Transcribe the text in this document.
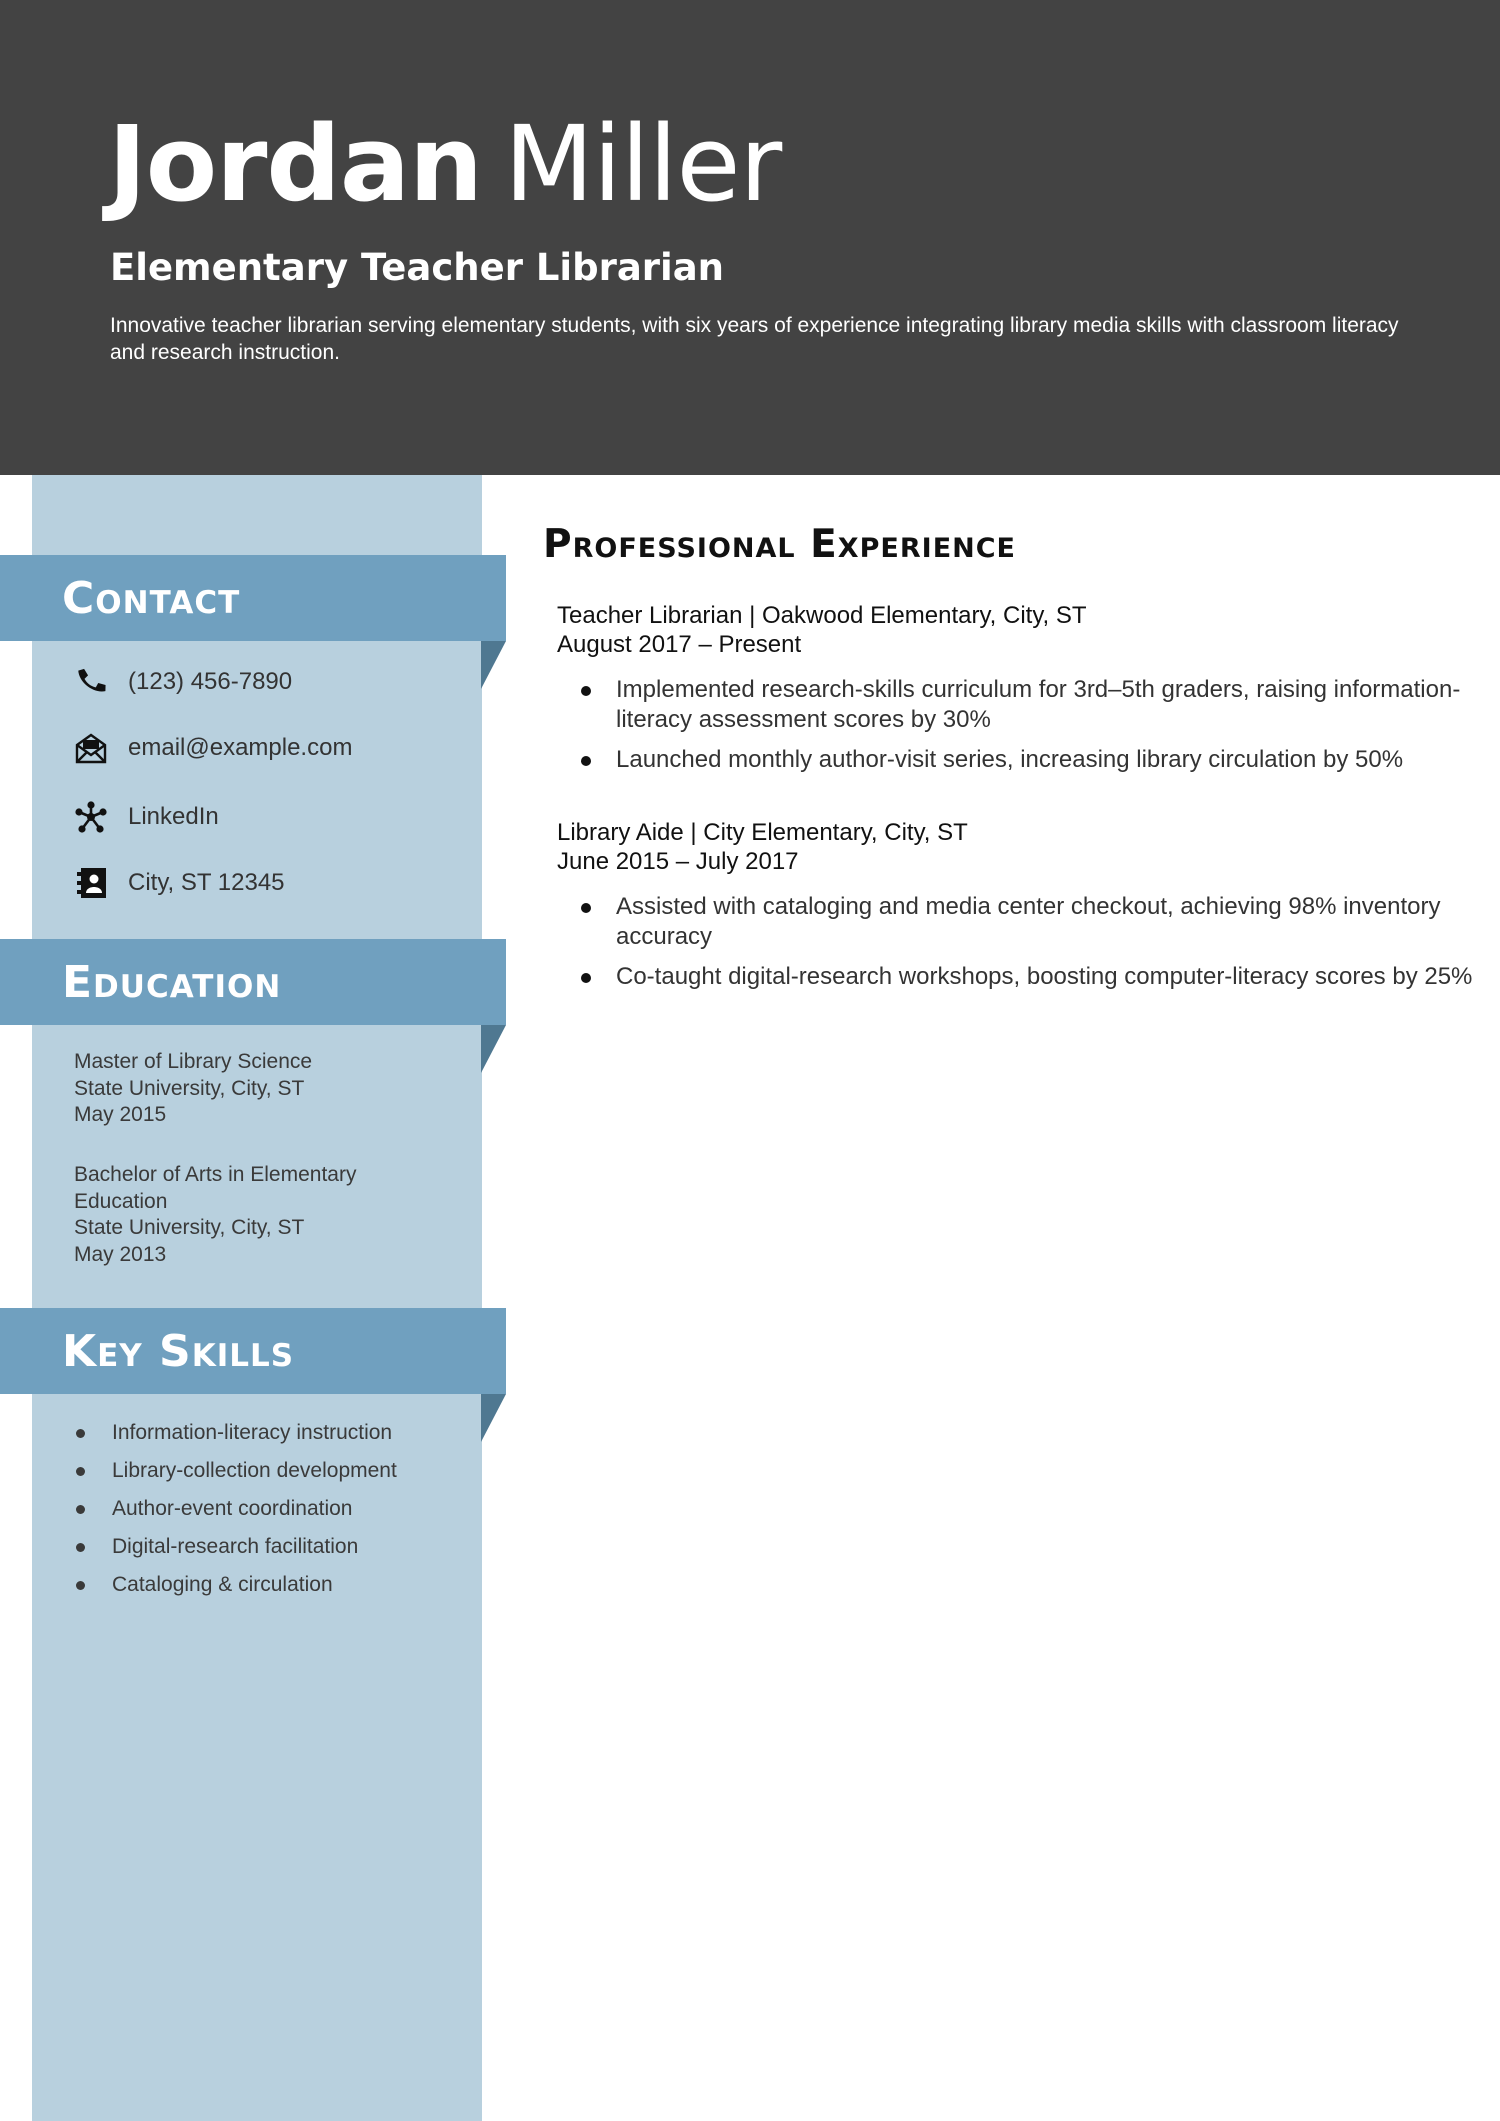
Jordan Miller
Elementary Teacher Librarian

Innovative teacher librarian serving elementary students, with six years of experience integrating library media skills with classroom literacy and research instruction.

Contact
(123) 456-7890
email@example.com
LinkedIn
City, ST 12345
Education
Master of Library Science
State University, City, ST
May 2015
Bachelor of Arts in Elementary Education
State University, City, ST
May 2013
Key Skills
Information-literacy instruction
Library-collection development
Author-event coordination
Digital-research facilitation
Cataloging & circulation
Professional Experience
Teacher Librarian | Oakwood Elementary, City, ST
August 2017 – Present
Implemented research-skills curriculum for 3rd–5th graders, raising information-literacy assessment scores by 30%
Launched monthly author-visit series, increasing library circulation by 50%
Library Aide | City Elementary, City, ST
June 2015 – July 2017
Assisted with cataloging and media center checkout, achieving 98% inventory accuracy
Co-taught digital-research workshops, boosting computer-literacy scores by 25%
